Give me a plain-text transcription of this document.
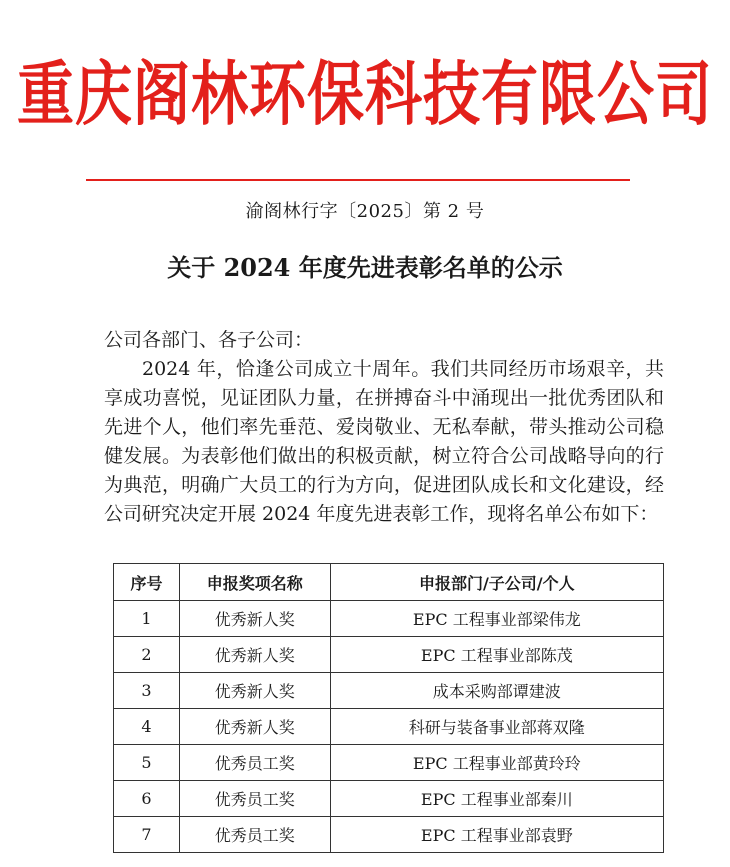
重庆阁林环保科技有限公司
渝阁林行字〔2025〕第 2 号
关于 2024 年度先进表彰名单的公示

公司各部门、各子公司：

2024 年，恰逢公司成立十周年。我们共同经历市场艰辛，共享成功喜悦，见证团队力量，在拼搏奋斗中涌现出一批优秀团队和先进个人，他们率先垂范、爱岗敬业、无私奉献，带头推动公司稳健发展。为表彰他们做出的积极贡献，树立符合公司战略导向的行为典范，明确广大员工的行为方向，促进团队成长和文化建设，经公司研究决定开展 2024 年度先进表彰工作，现将名单公布如下：

序号	申报奖项名称	申报部门/子公司/个人
1	优秀新人奖	EPC 工程事业部梁伟龙
2	优秀新人奖	EPC 工程事业部陈茂
3	优秀新人奖	成本采购部谭建波
4	优秀新人奖	科研与装备事业部蒋双隆
5	优秀员工奖	EPC 工程事业部黄玲玲
6	优秀员工奖	EPC 工程事业部秦川
7	优秀员工奖	EPC 工程事业部袁野
